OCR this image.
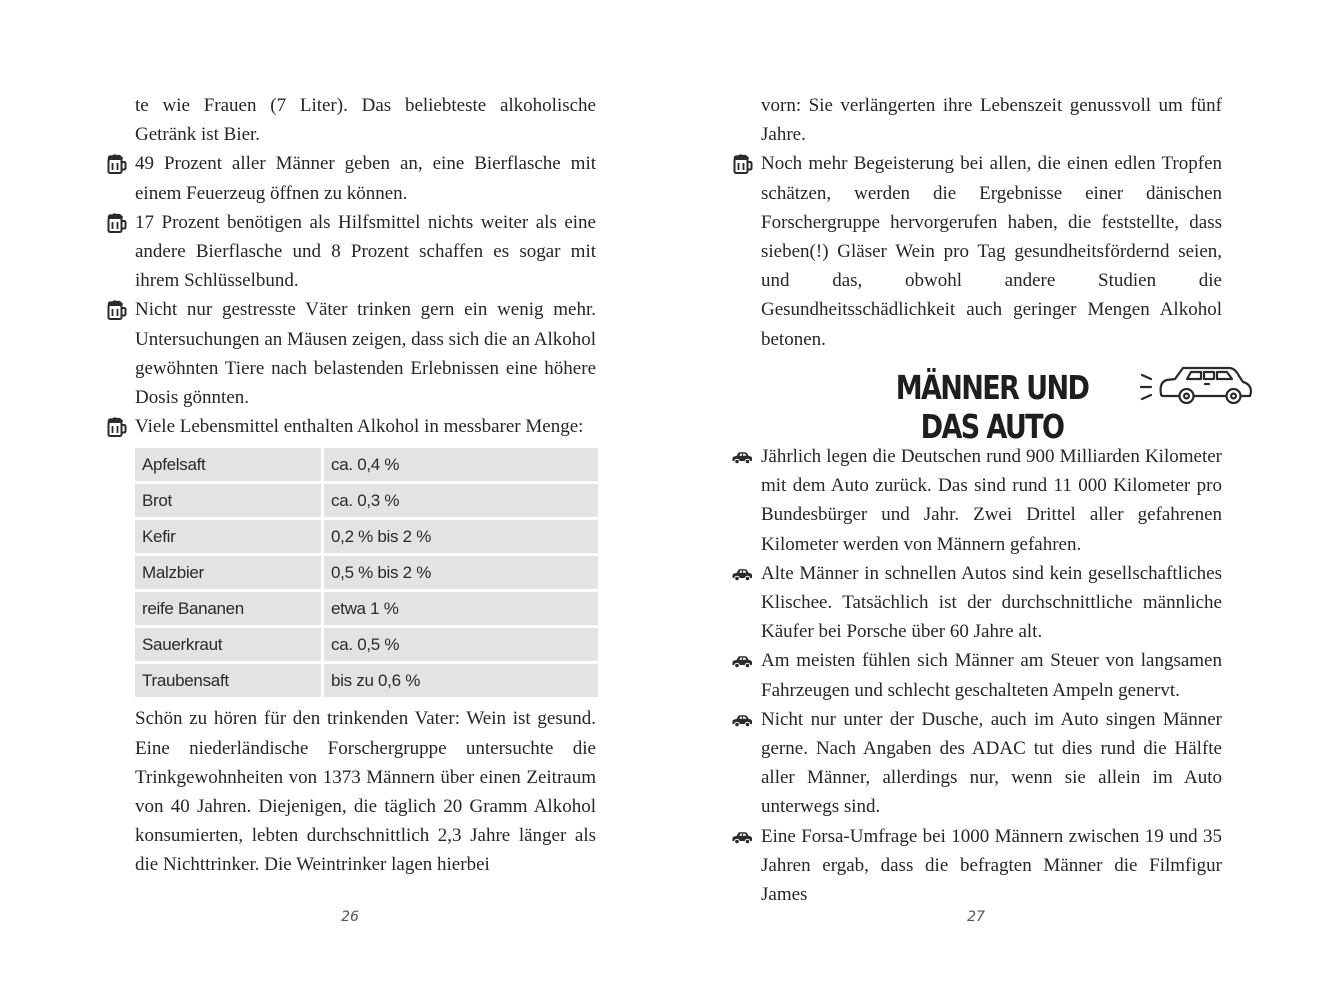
te wie Frauen (7 Liter). Das beliebteste alkoholische Getränk ist Bier.

49 Prozent aller Männer geben an, eine Bierflasche mit einem Feuerzeug öffnen zu können.

17 Prozent benötigen als Hilfsmittel nichts weiter als eine andere Bierflasche und 8 Prozent schaffen es sogar mit ihrem Schlüsselbund.

Nicht nur gestresste Väter trinken gern ein wenig mehr. Untersuchungen an Mäusen zeigen, dass sich die an Alkohol gewöhnten Tiere nach belastenden Erlebnissen eine höhere Dosis gönnten.

Viele Lebensmittel enthalten Alkohol in messbarer Menge:

Apfelsaft	ca. 0,4 %
Brot	ca. 0,3 %
Kefir	0,2 % bis 2 %
Malzbier	0,5 % bis 2 %
reife Bananen	etwa 1 %
Sauerkraut	ca. 0,5 %
Traubensaft	bis zu 0,6 %

Schön zu hören für den trinkenden Vater: Wein ist gesund. Eine niederländische Forschergruppe untersuchte die Trinkgewohnheiten von 1373 Männern über einen Zeitraum von 40 Jahren. Diejenigen, die täglich 20 Gramm Alkohol konsumierten, lebten durchschnittlich 2,3 Jahre länger als die Nichttrinker. Die Weintrinker lagen hierbei

26

vorn: Sie verlängerten ihre Lebenszeit genussvoll um fünf Jahre.

Noch mehr Begeisterung bei allen, die einen edlen Tropfen schätzen, werden die Ergebnisse einer dänischen Forschergruppe hervorgerufen haben, die feststellte, dass sieben(!) Gläser Wein pro Tag gesundheitsfördernd seien, und das, obwohl andere Studien die Gesundheitsschädlichkeit auch geringer Mengen Alkohol betonen.

MÄNNER UND DAS AUTO

Jährlich legen die Deutschen rund 900 Milliarden Kilometer mit dem Auto zurück. Das sind rund 11 000 Kilometer pro Bundesbürger und Jahr. Zwei Drittel aller gefahrenen Kilometer werden von Männern gefahren.

Alte Männer in schnellen Autos sind kein gesellschaftliches Klischee. Tatsächlich ist der durchschnittliche männliche Käufer bei Porsche über 60 Jahre alt.

Am meisten fühlen sich Männer am Steuer von langsamen Fahrzeugen und schlecht geschalteten Ampeln genervt.

Nicht nur unter der Dusche, auch im Auto singen Männer gerne. Nach Angaben des ADAC tut dies rund die Hälfte aller Männer, allerdings nur, wenn sie allein im Auto unterwegs sind.

Eine Forsa-Umfrage bei 1000 Männern zwischen 19 und 35 Jahren ergab, dass die befragten Männer die Filmfigur James

27
